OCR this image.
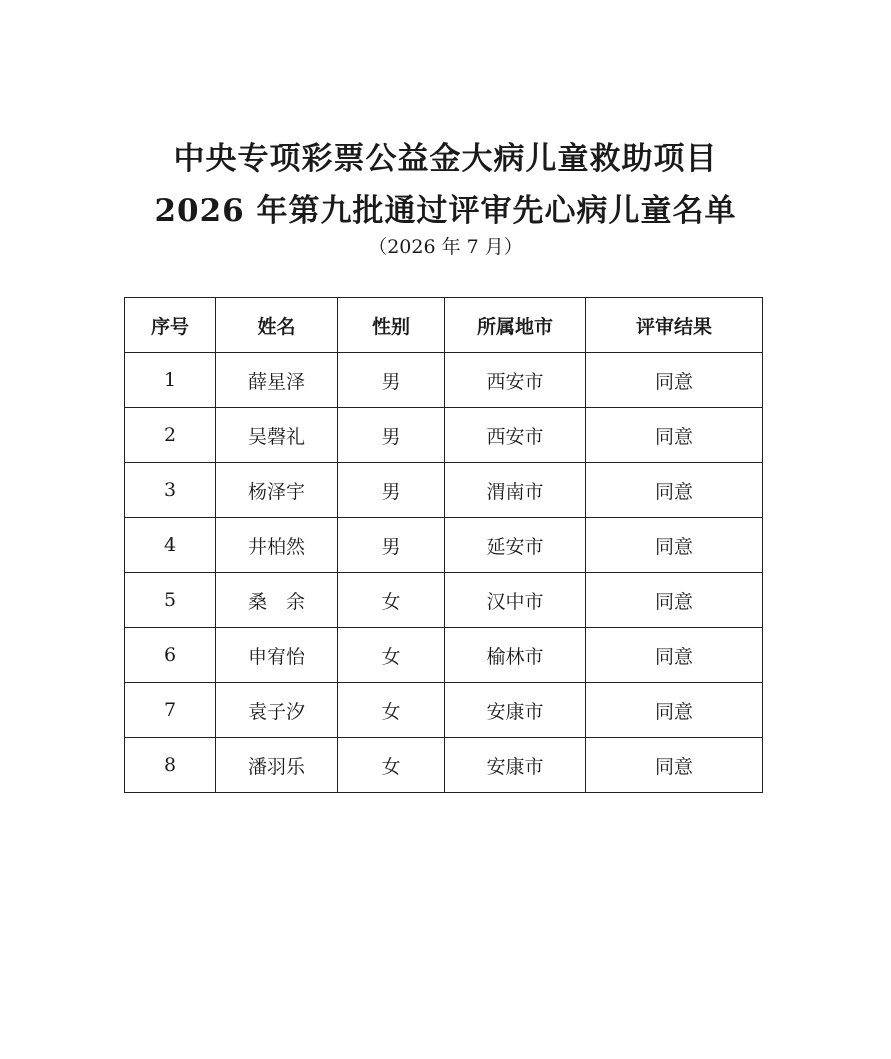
中央专项彩票公益金大病儿童救助项目
2026 年第九批通过评审先心病儿童名单
（2026 年 7 月）
序号	姓名	性别	所属地市	评审结果
1	薛星泽	男	西安市	同意
2	吴磬礼	男	西安市	同意
3	杨泽宇	男	渭南市	同意
4	井柏然	男	延安市	同意
5	桑　余	女	汉中市	同意
6	申宥怡	女	榆林市	同意
7	袁子汐	女	安康市	同意
8	潘羽乐	女	安康市	同意
